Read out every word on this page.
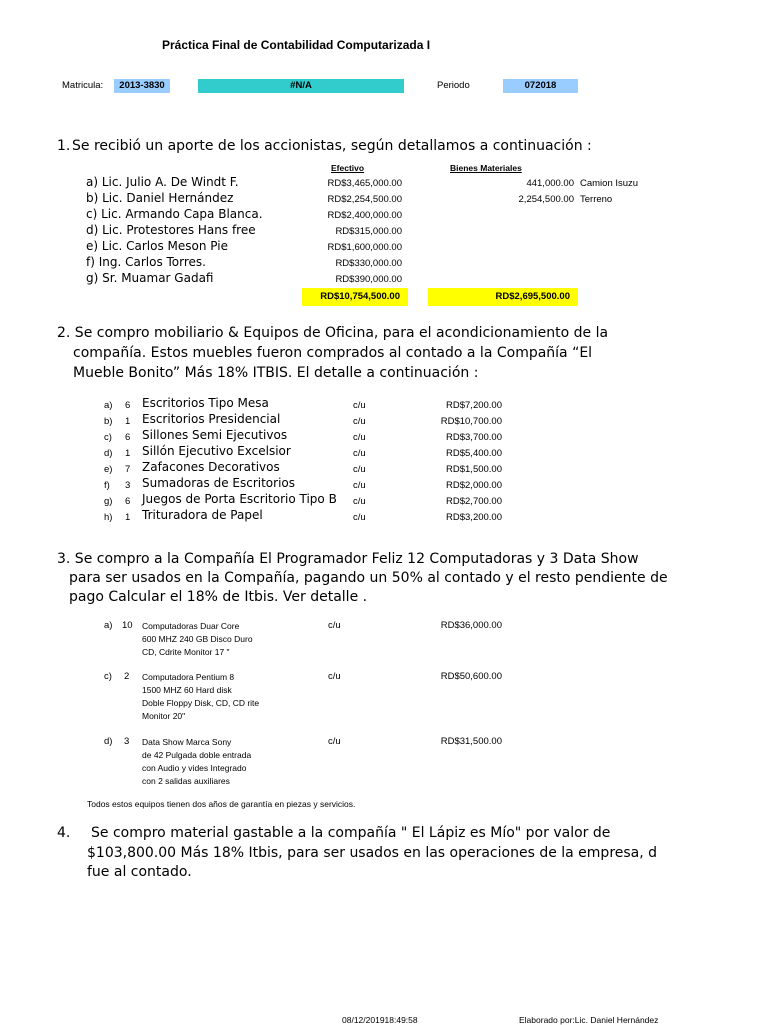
Práctica Final de Contabilidad Computarizada I
Matricula:	2013-3830	#N/A	Periodo	072018
1. Se recibió un aporte de los accionistas, según detallamos a continuación :
Efectivo	Bienes Materiales
a) Lic. Julio A. De Windt F.	RD$3,465,000.00	441,000.00 Camion Isuzu
b) Lic. Daniel Hernández	RD$2,254,500.00	2,254,500.00 Terreno
c) Lic. Armando Capa Blanca.	RD$2,400,000.00
d) Lic. Protestores Hans free	RD$315,000.00
e) Lic. Carlos Meson Pie	RD$1,600,000.00
f) Ing. Carlos Torres.	RD$330,000.00
g) Sr. Muamar Gadafi	RD$390,000.00
RD$10,754,500.00	RD$2,695,500.00
2. Se compro mobiliario & Equipos de Oficina, para el acondicionamiento de la
compañía. Estos muebles fueron comprados al contado a la Compañía “El
Mueble Bonito” Más 18% ITBIS. El detalle a continuación :
a) 6 Escritorios Tipo Mesa	c/u	RD$7,200.00
b) 1 Escritorios Presidencial	c/u	RD$10,700.00
c) 6 Sillones Semi Ejecutivos	c/u	RD$3,700.00
d) 1 Sillón Ejecutivo Excelsior	c/u	RD$5,400.00
e) 7 Zafacones Decorativos	c/u	RD$1,500.00
f) 3 Sumadoras de Escritorios	c/u	RD$2,000.00
g) 6 Juegos de Porta Escritorio Tipo B c/u	RD$2,700.00
h) 1 Trituradora de Papel	c/u	RD$3,200.00
3. Se compro a la Compañía El Programador Feliz 12 Computadoras y 3 Data Show
para ser usados en la Compañía, pagando un 50% al contado y el resto pendiente de
pago Calcular el 18% de Itbis. Ver detalle .
a) 10 Computadoras Duar Core
600 MHZ 240 GB Disco Duro
CD, Cdrite Monitor 17 "
c/u	RD$36,000.00
c) 2 Computadora Pentium 8
1500 MHZ 60 Hard disk
Doble Floppy Disk, CD, CD rite
Monitor 20"
c/u	RD$50,600.00
d) 3 Data Show Marca Sony
de 42 Pulgada doble entrada
con Audio y vides Integrado
con 2 salidas auxiliares
c/u	RD$31,500.00
Todos estos equipos tienen dos años de garantía en piezas y servicios.
4. Se compro material gastable a la compañía " El Lápiz es Mío" por valor de
$103,800.00 Más 18% Itbis, para ser usados en las operaciones de la empresa, d
fue al contado.
08/12/201918:49:58	Elaborado por:Lic. Daniel Hernández
